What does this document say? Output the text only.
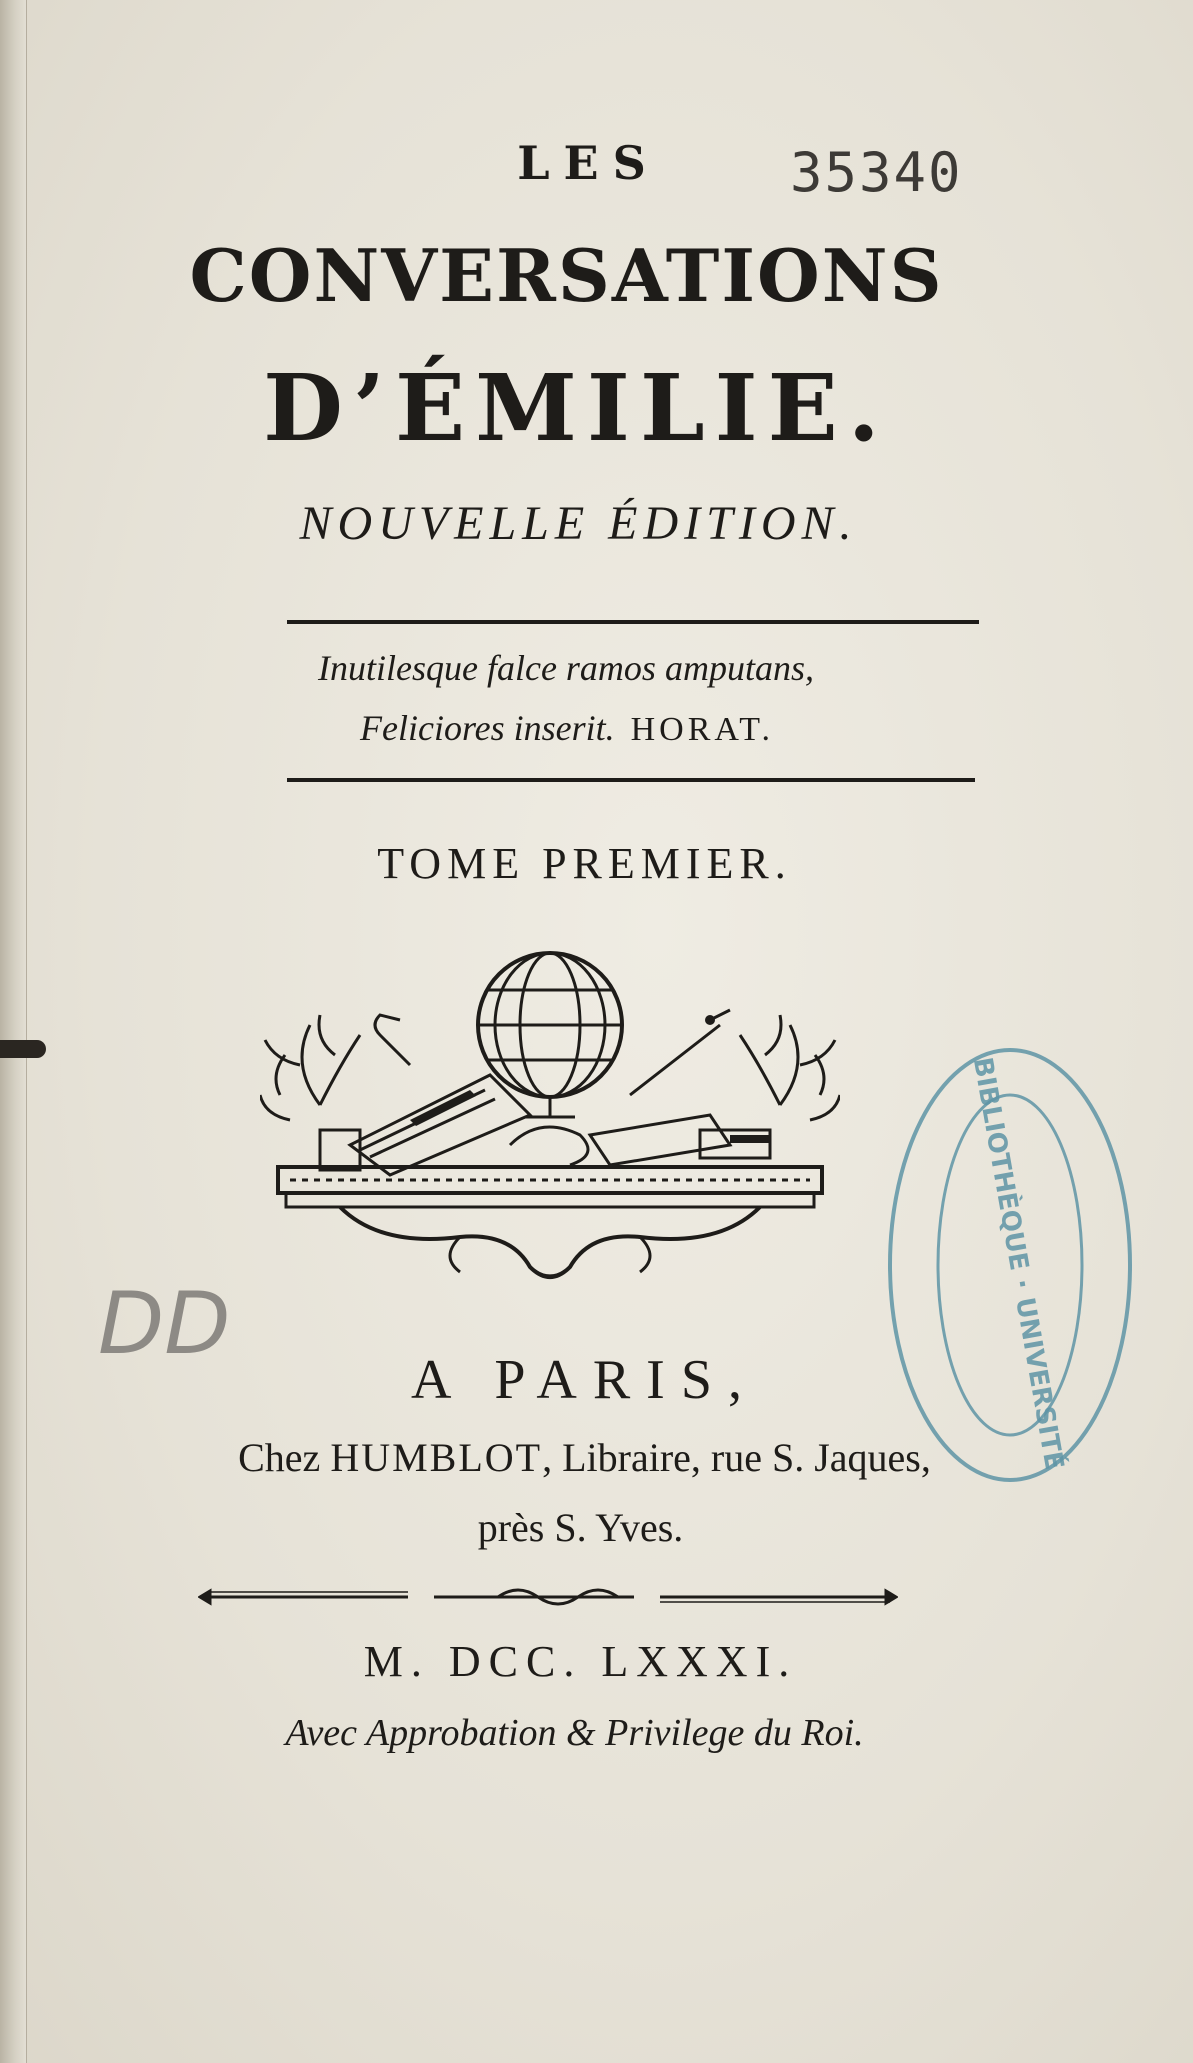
LES	35340
CONVERSATIONS
D’ÉMILIE.
NOUVELLE ÉDITION.
Inutilesque falce ramos amputans,
Feliciores inserit. HORAT.
TOME PREMIER.
A PARIS,
Chez HUMBLOT, Libraire, rue S. Jaques,
près S. Yves.
M. DCC. LXXXI.
Avec Approbation & Privilege du Roi.
BIBLIOTHÈQUE · UNIVERSITÉ
DD
